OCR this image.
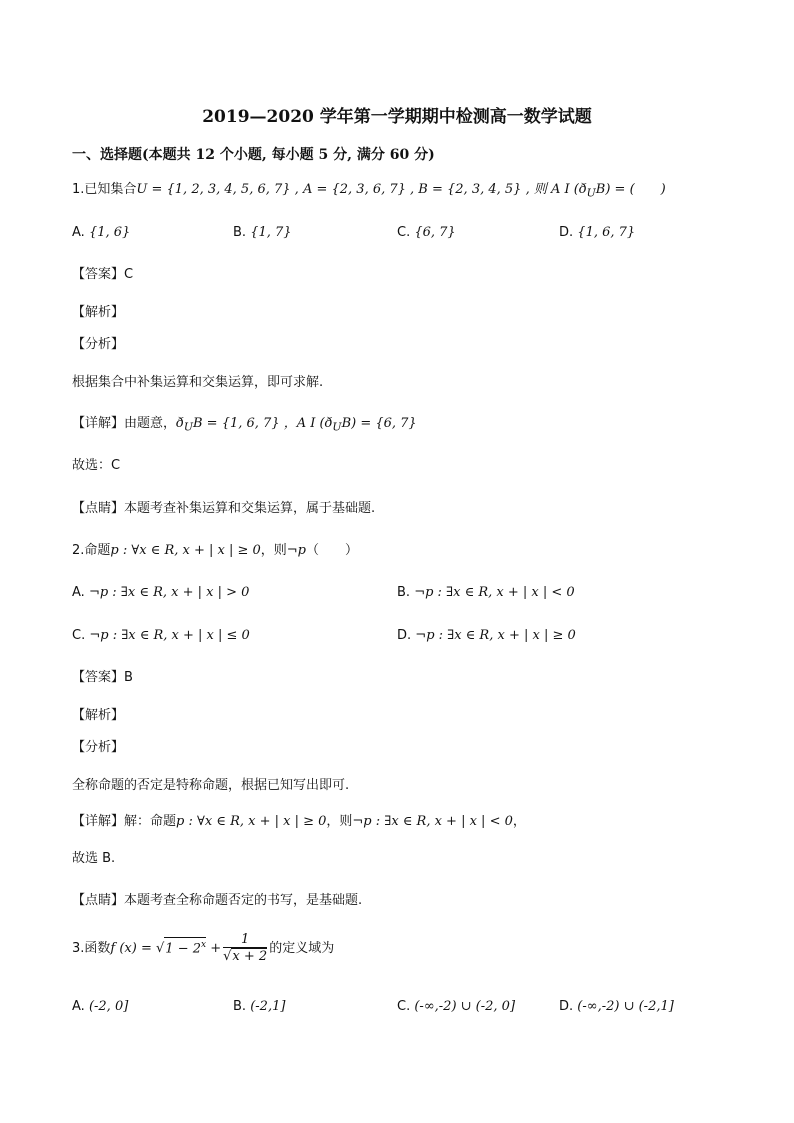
2019—2020 学年第一学期期中检测高一数学试题
一、选择题(本题共 12 个小题, 每小题 5 分, 满分 60 分)
1.已知集合U = {1, 2, 3, 4, 5, 6, 7} , A = {2, 3, 6, 7} , B = {2, 3, 4, 5} , 则 A I $(ð_UB)$ = (　　)
A. {1, 6}	B. {1, 7}	C. {6, 7}	D. {1, 6, 7}
【答案】C
【解析】
【分析】
根据集合中补集运算和交集运算，即可求解.
【详解】由题意，$ð_UB = \{1$, 6, 7} ，A I $(ð_UB) = \{6$, 7}
故选：C
【点睛】本题考查补集运算和交集运算，属于基础题.
2.命题p : ∀x ∈ R, x + | x | ≥ 0，则¬p（　　）
A. ¬p : ∃x ∈ R, x + | x | > 0	B. ¬p : ∃x ∈ R, x + | x | < 0
C. ¬p : ∃x ∈ R, x + | x | ≤ 0	D. ¬p : ∃x ∈ R, x + | x | ≥ 0
【答案】B
【解析】
【分析】
全称命题的否定是特称命题，根据已知写出即可.
【详解】解：命题p : ∀x ∈ R, x + | x | ≥ 0，则¬p : ∃x ∈ R, x + | x | < 0，
故选 B.
【点睛】本题考查全称命题否定的书写，是基础题.
3.函数f $(x) = √1 - 2^x + \frac{1}{√x + 2}$ 的定义域为
A. (-2, 0]	B. (-2,1]	C. (-∞,-2) ∪ (-2, 0]	D. (-∞,-2) ∪ (-2,1]
